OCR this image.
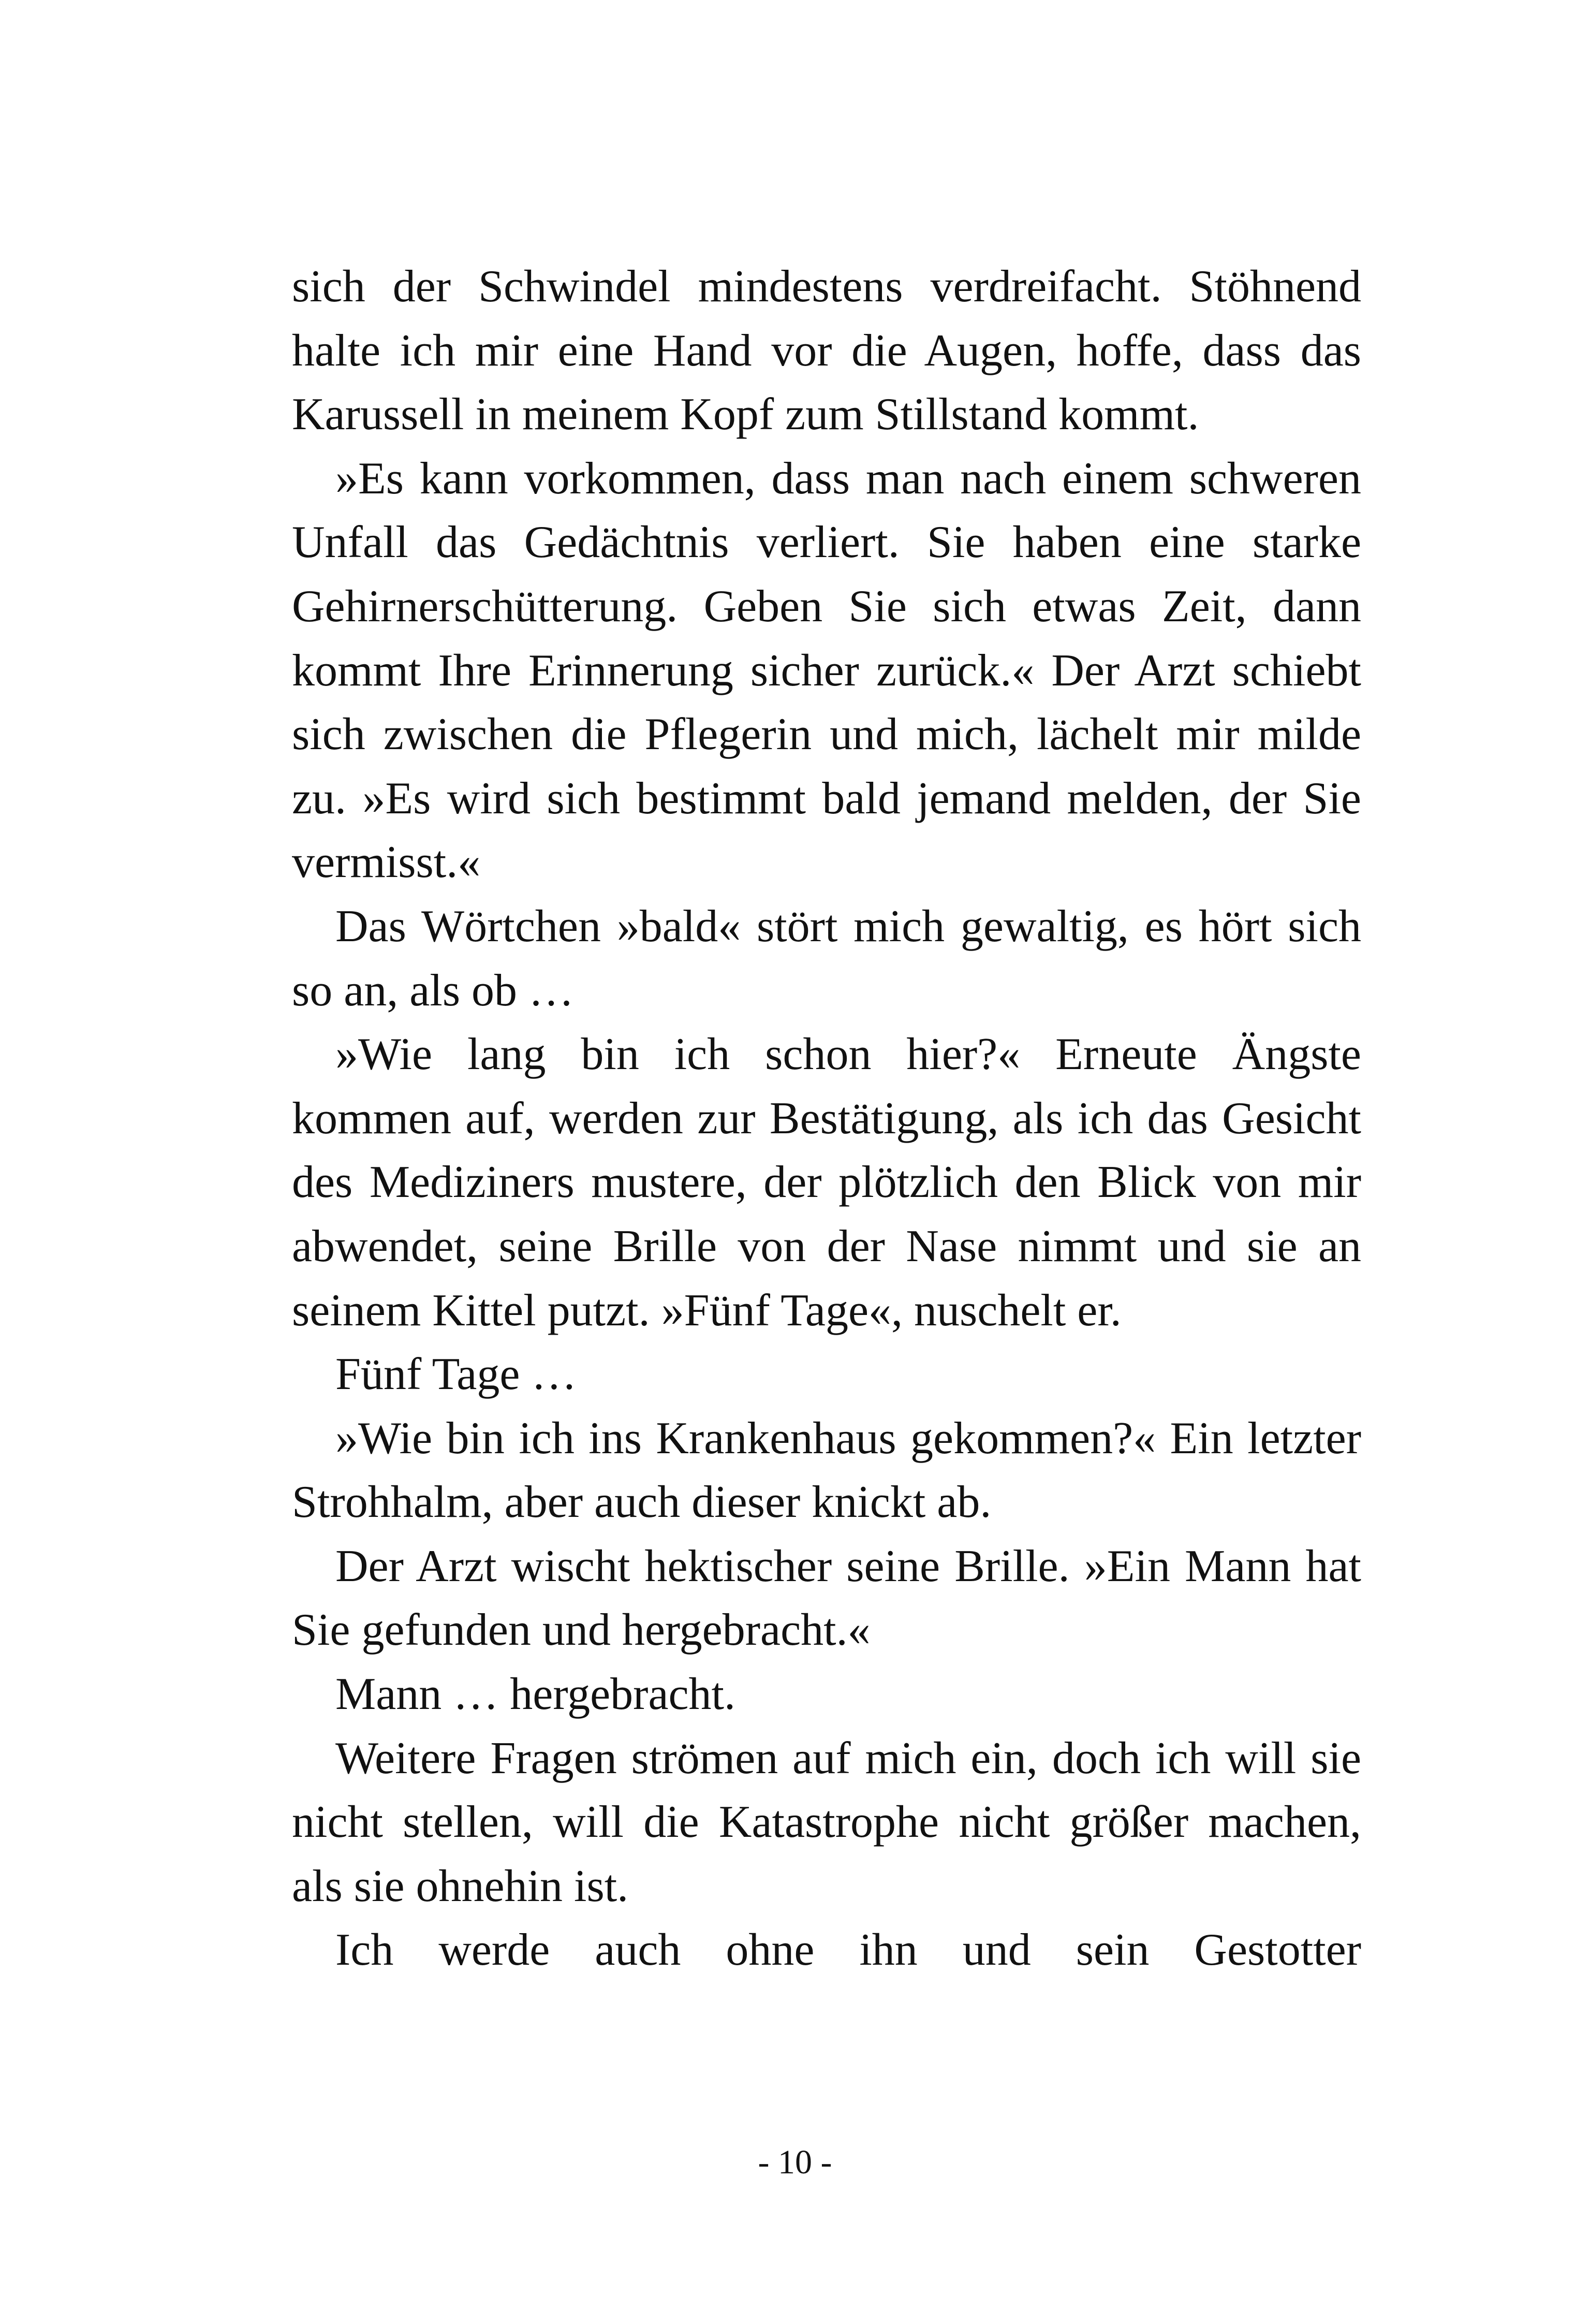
sich der Schwindel mindestens verdreifacht. Stöhnend halte ich mir eine Hand vor die Augen, hoffe, dass das Karussell in meinem Kopf zum Stillstand kommt.

»Es kann vorkommen, dass man nach einem schweren Unfall das Gedächtnis verliert. Sie haben eine starke Gehirnerschütterung. Geben Sie sich etwas Zeit, dann kommt Ihre Erinnerung sicher zurück.« Der Arzt schiebt sich zwischen die Pflegerin und mich, lächelt mir milde zu. »Es wird sich bestimmt bald jemand melden, der Sie vermisst.«

Das Wörtchen »bald« stört mich gewaltig, es hört sich so an, als ob …

»Wie lang bin ich schon hier?« Erneute Ängste kommen auf, werden zur Bestätigung, als ich das Gesicht des Mediziners mustere, der plötzlich den Blick von mir abwendet, seine Brille von der Nase nimmt und sie an seinem Kittel putzt. »Fünf Tage«, nuschelt er.

Fünf Tage …

»Wie bin ich ins Krankenhaus gekommen?« Ein letzter Strohhalm, aber auch dieser knickt ab.

Der Arzt wischt hektischer seine Brille. »Ein Mann hat Sie gefunden und hergebracht.«

Mann … hergebracht.

Weitere Fragen strömen auf mich ein, doch ich will sie nicht stellen, will die Katastrophe nicht größer machen, als sie ohnehin ist.

Ich werde auch ohne ihn und sein Gestotter

- 10 -
